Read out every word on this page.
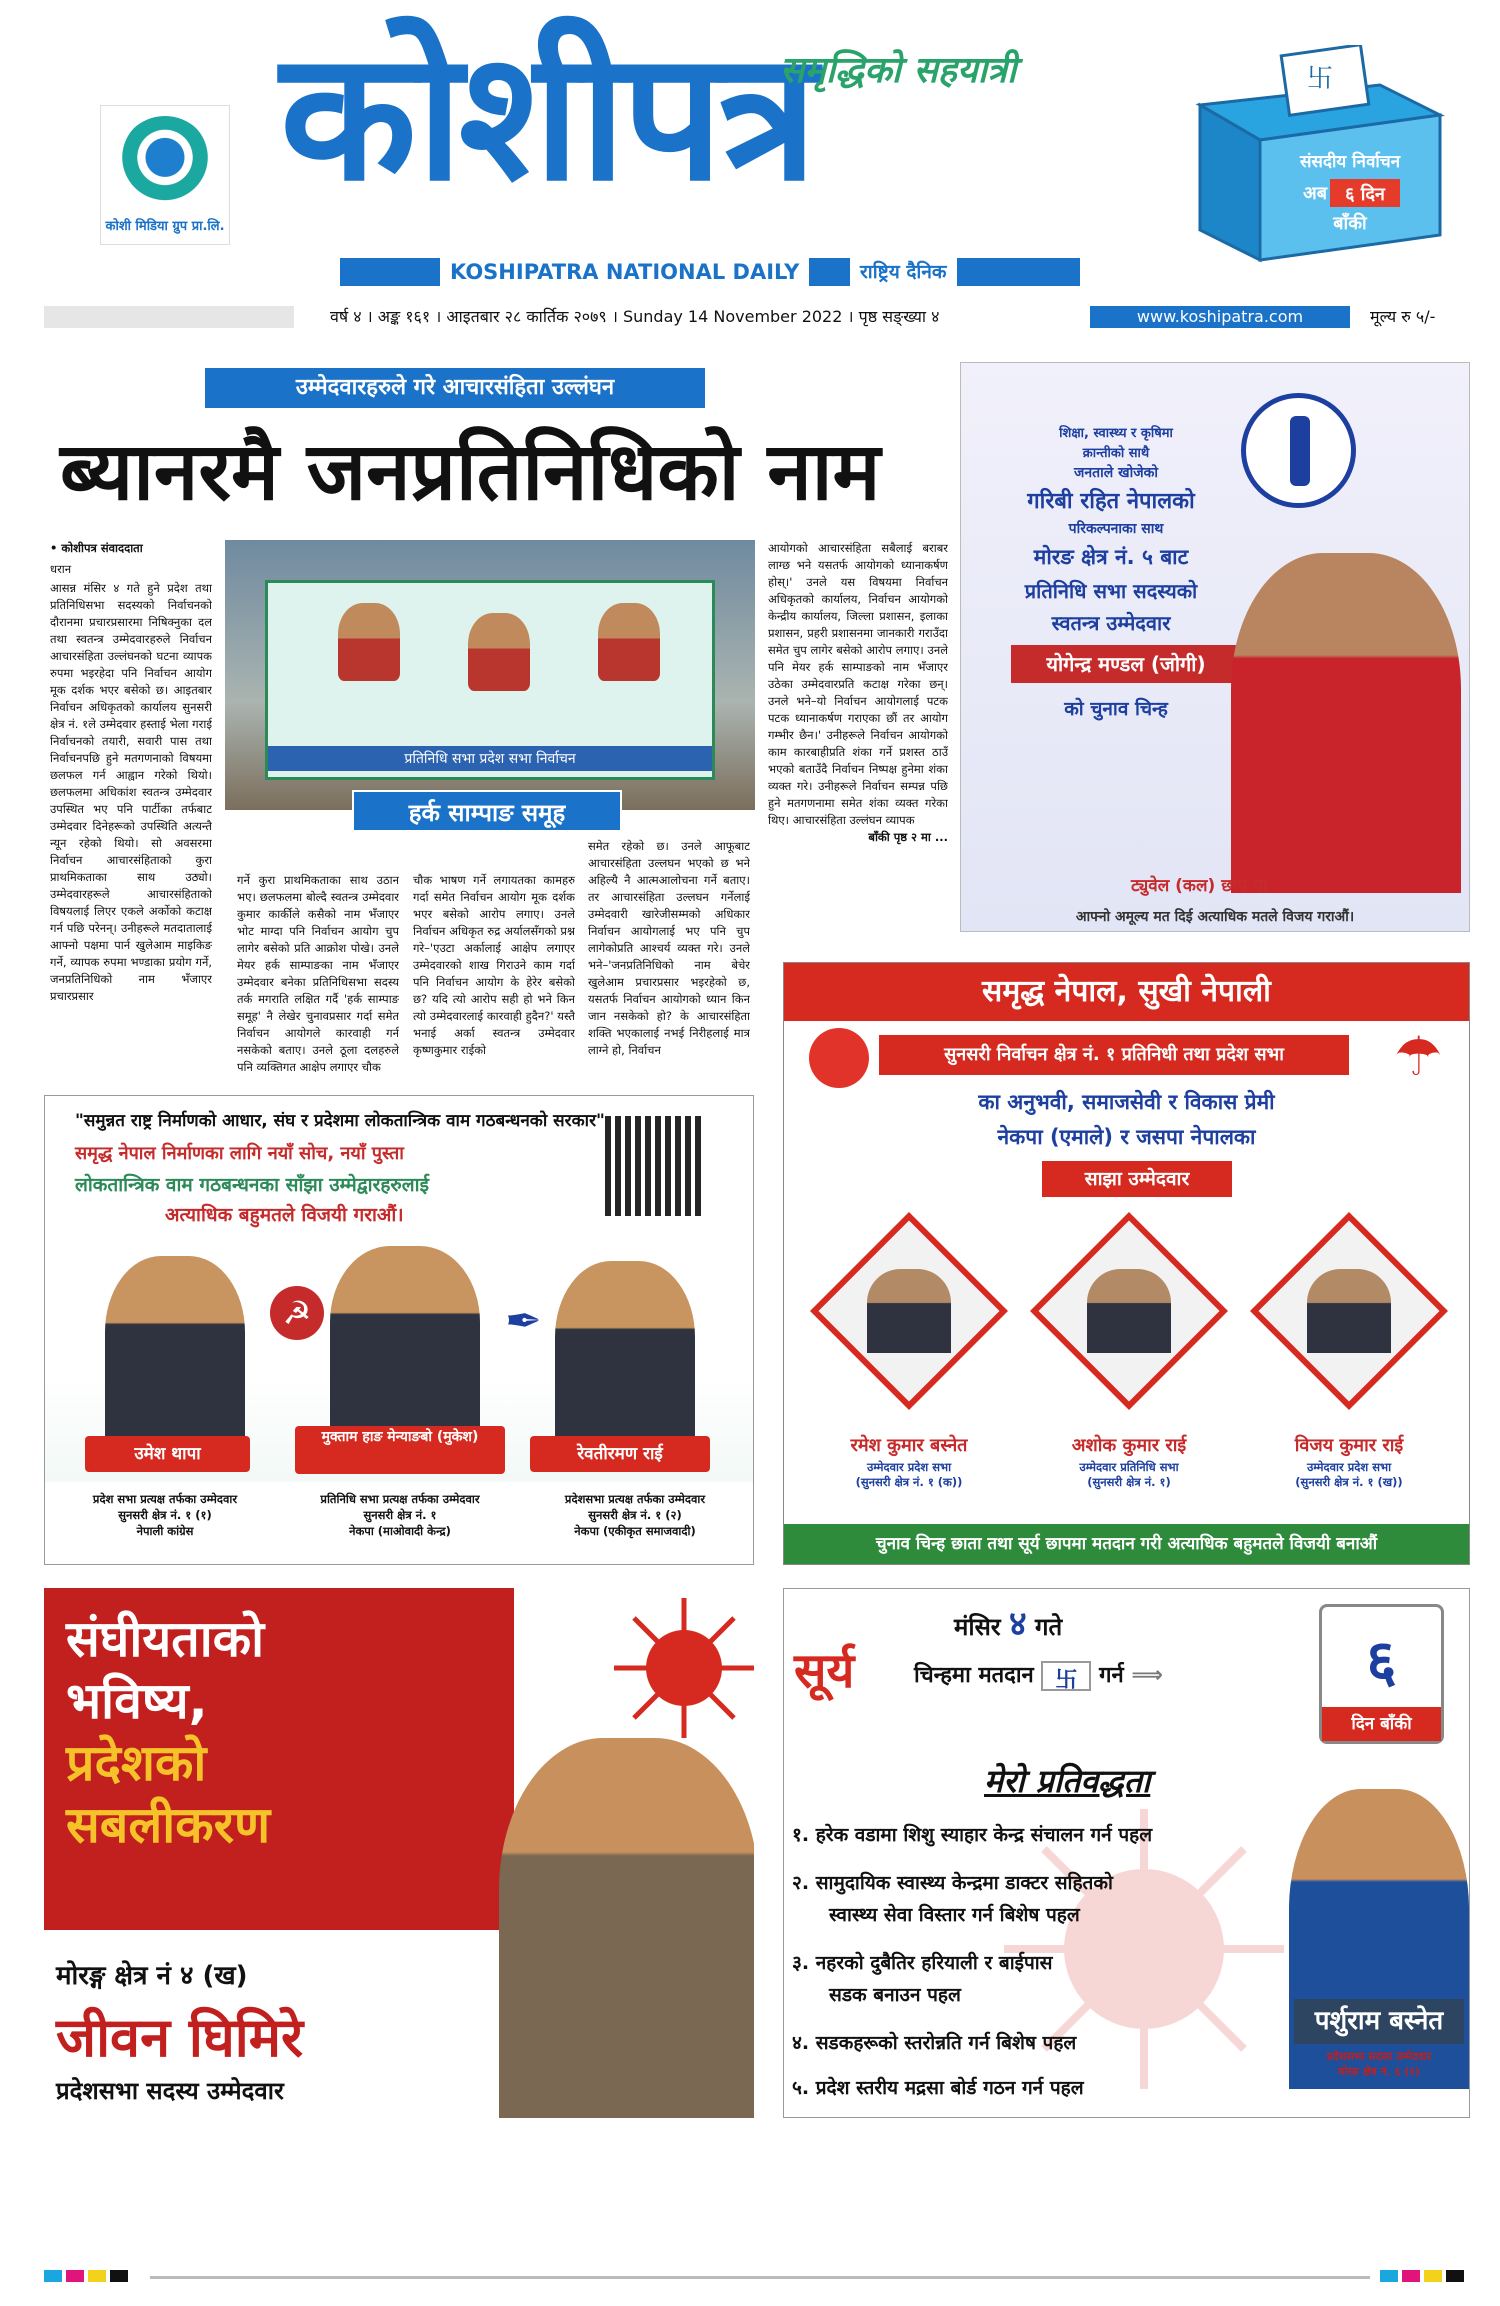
कोशी मिडिया ग्रुप प्रा.लि.
कोशीपत्र
समृद्धिको सहयात्री
KOSHIPATRA NATIONAL DAILY	राष्ट्रिय दैनिक
卐
संसदीय निर्वाचन
अब ६ दिन
बाँकी
वर्ष ४ । अङ्क १६१ । आइतबार २८ कार्तिक २०७९ । Sunday 14 November 2022 । पृष्ठ सङ्ख्या ४	www.koshipatra.com	मूल्य रु ५/-
उम्मेदवारहरुले गरे आचारसंहिता उल्लंघन
ब्यानरमै जनप्रतिनिधिको नाम
• कोशीपत्र संवाददाता
धरान
आसन्न मंसिर ४ गते हुने प्रदेश तथा प्रतिनिधिसभा सदस्यको निर्वाचनको दौरानमा प्रचारप्रसारमा निषिक्नुका दल तथा स्वतन्त्र उम्मेदवारहरुले निर्वाचन आचारसंहिता उल्लंघनको घटना व्यापक रुपमा भइरहेदा पनि निर्वाचन आयोग मूक दर्शक भएर बसेको छ। आइतबार निर्वाचन अधिकृतको कार्यालय सुनसरी क्षेत्र नं. १ले उम्मेदवार हस्ताई भेला गराई निर्वाचनको तयारी, सवारी पास तथा निर्वाचनपछि हुने मतगणनाको विषयमा छलफल गर्न आह्वान गरेको थियो। छलफलमा अधिकांश स्वतन्त्र उम्मेदवार उपस्थित भए पनि पार्टीका तर्फबाट उम्मेदवार दिनेहरूको उपस्थिति अत्यन्तै न्यून रहेको थियो। सो अवसरमा निर्वाचन आचारसंहिताको कुरा प्राथमिकताका साथ उठ्यो। उम्मेदवारहरूले आचारसंहिताको विषयलाई लिएर एकले अर्कोको कटाक्ष गर्न पछि परेनन्। उनीहरूले मतदातालाई आफ्नो पक्षमा पार्न खुलेआम माइकिङ गर्ने, व्यापक रुपमा भण्डाका प्रयोग गर्ने, जनप्रतिनिधिको नाम भँजाएर प्रचारप्रसार
प्रतिनिधि सभा प्रदेश सभा निर्वाचन
हर्क साम्पाङ समूह
गर्ने कुरा प्राथमिकताका साथ उठान भए। छलफलमा बोल्दै स्वतन्त्र उम्मेदवार कुमार कार्कीले कसैको नाम भँजाएर भोट माग्दा पनि निर्वाचन आयोग चुप लागेर बसेको प्रति आक्रोश पोखे। उनले मेयर हर्क साम्पाङका नाम भँजाएर उम्मेदवार बनेका प्रतिनिधिसभा सदस्य तर्क मगराति लक्षित गर्दै 'हर्क साम्पाङ समूह' नै लेखेर चुनावप्रसार गर्दा समेत निर्वाचन आयोगले कारवाही गर्न नसकेको बताए। उनले ठूला दलहरुले पनि व्यक्तिगत आक्षेप लगाएर चौक
चौक भाषण गर्ने लगायतका कामहरु गर्दा समेत निर्वाचन आयोग मूक दर्शक भएर बसेको आरोप लगाए। उनले निर्वाचन अधिकृत रुद्र अर्यालसँगको प्रश्न गरे–'एउटा अर्कालाई आक्षेप लगाएर उम्मेदवारको शाख गिराउने काम गर्दा पनि निर्वाचन आयोग के हेरेर बसेको छ? यदि त्यो आरोप सही हो भने किन त्यो उम्मेदवारलाई कारवाही हुदैन?' यस्तै भनाई अर्का स्वतन्त्र उम्मेदवार कृष्णकुमार राईको
समेत रहेको छ। उनले आफूबाट आचारसंहिता उल्लघन भएको छ भने अहिल्यै नै आत्मआलोचना गर्ने बताए। तर आचारसंहिता उल्लघन गर्नेलाई उम्मेदवारी खारेजीसम्मको अधिकार निर्वाचन आयोगलाई भए पनि चुप लागेकोप्रति आश्चर्य व्यक्त गरे। उनले भने–'जनप्रतिनिधिको नाम बेचेर खुलेआम प्रचारप्रसार भइरहेको छ, यसतर्फ निर्वाचन आयोगको ध्यान किन जान नसकेको हो? के आचारसंहिता शक्ति भएकालाई नभई निरीहलाई मात्र लाग्ने हो, निर्वाचन
आयोगको आचारसंहिता सबैलाई बराबर लाग्छ भने यसतर्फ आयोगको ध्यानाकर्षण होस्।' उनले यस विषयमा निर्वाचन अधिकृतको कार्यालय, निर्वाचन आयोगको केन्द्रीय कार्यालय, जिल्ला प्रशासन, इलाका प्रशासन, प्रहरी प्रशासनमा जानकारी गराउँदा समेत चुप लागेर बसेको आरोप लगाए। उनले पनि मेयर हर्क साम्पाङको नाम भँजाएर उठेका उम्मेदवारप्रति कटाक्ष गरेका छन्। उनले भने–यो निर्वाचन आयोगलाई पटक पटक ध्यानाकर्षण गराएका छौं तर आयोग गम्भीर छैन।' उनीहरूले निर्वाचन आयोगको काम कारबाहीप्रति शंका गर्ने प्रशस्त ठाउँ भएको बताउँदै निर्वाचन निष्पक्ष हुनेमा शंका व्यक्त गरे। उनीहरूले निर्वाचन सम्पन्न पछि हुने मतगणनामा समेत शंका व्यक्त गरेका थिए। आचारसंहिता उल्लंघन व्यापक
बाँकी पृष्ठ २ मा ...
शिक्षा, स्वास्थ्य र कृषिमा
क्रान्तीको साथै
जनताले खोजेको
गरिबी रहित नेपालको
परिकल्पनाका साथ
मोरङ क्षेत्र नं. ५ बाट
प्रतिनिधि सभा सदस्यको
स्वतन्त्र उम्मेदवार
योगेन्द्र मण्डल (जोगी)
को चुनाव चिन्ह
ट्युवेल (कल) छाप मा
आफ्नो अमूल्य मत दिई अत्याधिक मतले विजय गराऔं।
"समुन्नत राष्ट्र निर्माणको आधार, संघ र प्रदेशमा लोकतान्त्रिक वाम गठबन्धनको सरकार"
समृद्ध नेपाल निर्माणका लागि नयाँ सोच, नयाँ पुस्ता
लोकतान्त्रिक वाम गठबन्धनका साँझा उम्मेद्वारहरुलाई
अत्याधिक बहुमतले विजयी गराऔं।
☭	✒
उमेश थापा
मुक्ताम हाङ मेन्याङबो (मुकेश)
रेवतीरमण राई
प्रदेश सभा प्रत्यक्ष तर्फका उम्मेदवार
सुनसरी क्षेत्र नं. १ (१)
नेपाली कांग्रेस
प्रतिनिधि सभा प्रत्यक्ष तर्फका उम्मेदवार
सुनसरी क्षेत्र नं. १
नेकपा (माओवादी केन्द्र)
प्रदेशसभा प्रत्यक्ष तर्फका उम्मेदवार
सुनसरी क्षेत्र नं. १ (२)
नेकपा (एकीकृत समाजवादी)
समृद्ध नेपाल, सुखी नेपाली
सुनसरी निर्वाचन क्षेत्र नं. १ प्रतिनिधी तथा प्रदेश सभा	☂
का अनुभवी, समाजसेवी र विकास प्रेमी
नेकपा (एमाले) र जसपा नेपालका
साझा उम्मेदवार
रमेश कुमार बस्नेत	अशोक कुमार राई	विजय कुमार राई
उम्मेदवार प्रदेश सभा
(सुनसरी क्षेत्र नं. १ (क))
उम्मेदवार प्रतिनिधि सभा
(सुनसरी क्षेत्र नं. १)
उम्मेदवार प्रदेश सभा
(सुनसरी क्षेत्र नं. १ (ख))
चुनाव चिन्ह छाता तथा सूर्य छापमा मतदान गरी अत्याधिक बहुमतले विजयी बनाऔं
संघीयताको
भविष्य,
प्रदेशको
सबलीकरण
मोरङ्ग क्षेत्र नं ४ (ख)
जीवन घिमिरे
प्रदेशसभा सदस्य उम्मेदवार
मंसिर ४ गते
सूर्य	चिन्हमा मतदान 卐 गर्न ⟹	६
दिन बाँकी
मेरो प्रतिवद्धता
१. हरेक वडामा शिशु स्याहार केन्द्र संचालन गर्न पहल
२. सामुदायिक स्वास्थ्य केन्द्रमा डाक्टर सहितको
स्वास्थ्य सेवा विस्तार गर्न बिशेष पहल
३. नहरको दुबैतिर हरियाली र बाईपास
सडक बनाउन पहल
४. सडकहरूको स्तरोन्नति गर्न बिशेष पहल
५. प्रदेश स्तरीय मद्रसा बोर्ड गठन गर्न पहल
पर्शुराम बस्नेत
प्रदेशसभा सदस्य उम्मेदवार
मोरङ क्षेत्र नं. ६ (२)
